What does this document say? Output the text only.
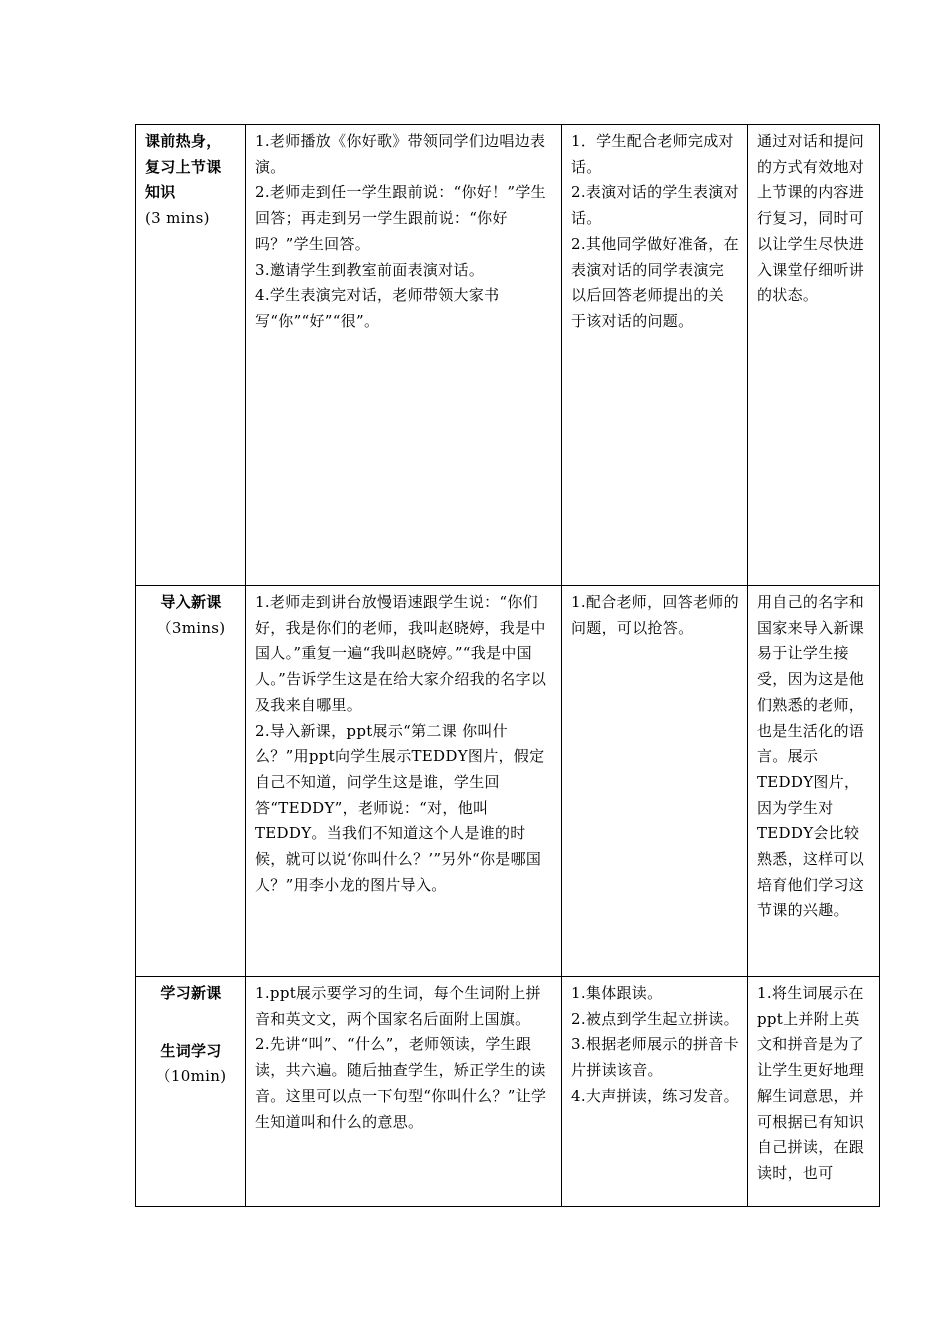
课前热身，
复习上节课
知识
(3 mins)	1.老师播放《你好歌》带领同学们边唱边表演。
2.老师走到任一学生跟前说：“你好！”学生回答；再走到另一学生跟前说：“你好吗？”学生回答。
3.邀请学生到教室前面表演对话。
4.学生表演完对话，老师带领大家书写“你”“好”“很”。	1．学生配合老师完成对话。
2.表演对话的学生表演对话。
2.其他同学做好准备，在表演对话的同学表演完以后回答老师提出的关于该对话的问题。	通过对话和提问的方式有效地对上节课的内容进行复习，同时可以让学生尽快进入课堂仔细听讲的状态。

导入新课
（3mins)	1.老师走到讲台放慢语速跟学生说：“你们好，我是你们的老师，我叫赵晓婷，我是中国人。”重复一遍“我叫赵晓婷。”“我是中国人。”告诉学生这是在给大家介绍我的名字以及我来自哪里。
2.导入新课，ppt展示“第二课 你叫什么？”用ppt向学生展示TEDDY图片，假定自己不知道，问学生这是谁，学生回答“TEDDY”，老师说：“对，他叫TEDDY。当我们不知道这个人是谁的时候，就可以说‘你叫什么？’”另外“你是哪国人？”用李小龙的图片导入。	1.配合老师，回答老师的问题，可以抢答。	用自己的名字和国家来导入新课易于让学生接受，因为这是他们熟悉的老师，也是生活化的语言。展示TEDDY图片，因为学生对TEDDY会比较熟悉，这样可以培育他们学习这节课的兴趣。

学习新课
生词学习
（10min)	1.ppt展示要学习的生词，每个生词附上拼音和英文文，两个国家名后面附上国旗。
2.先讲“叫”、“什么”，老师领读，学生跟读，共六遍。随后抽查学生，矫正学生的读音。这里可以点一下句型“你叫什么？”让学生知道叫和什么的意思。	1.集体跟读。
2.被点到学生起立拼读。
3.根据老师展示的拼音卡片拼读该音。
4.大声拼读，练习发音。	1.将生词展示在ppt上并附上英文和拼音是为了让学生更好地理解生词意思，并可根据已有知识自己拼读，在跟读时，也可
